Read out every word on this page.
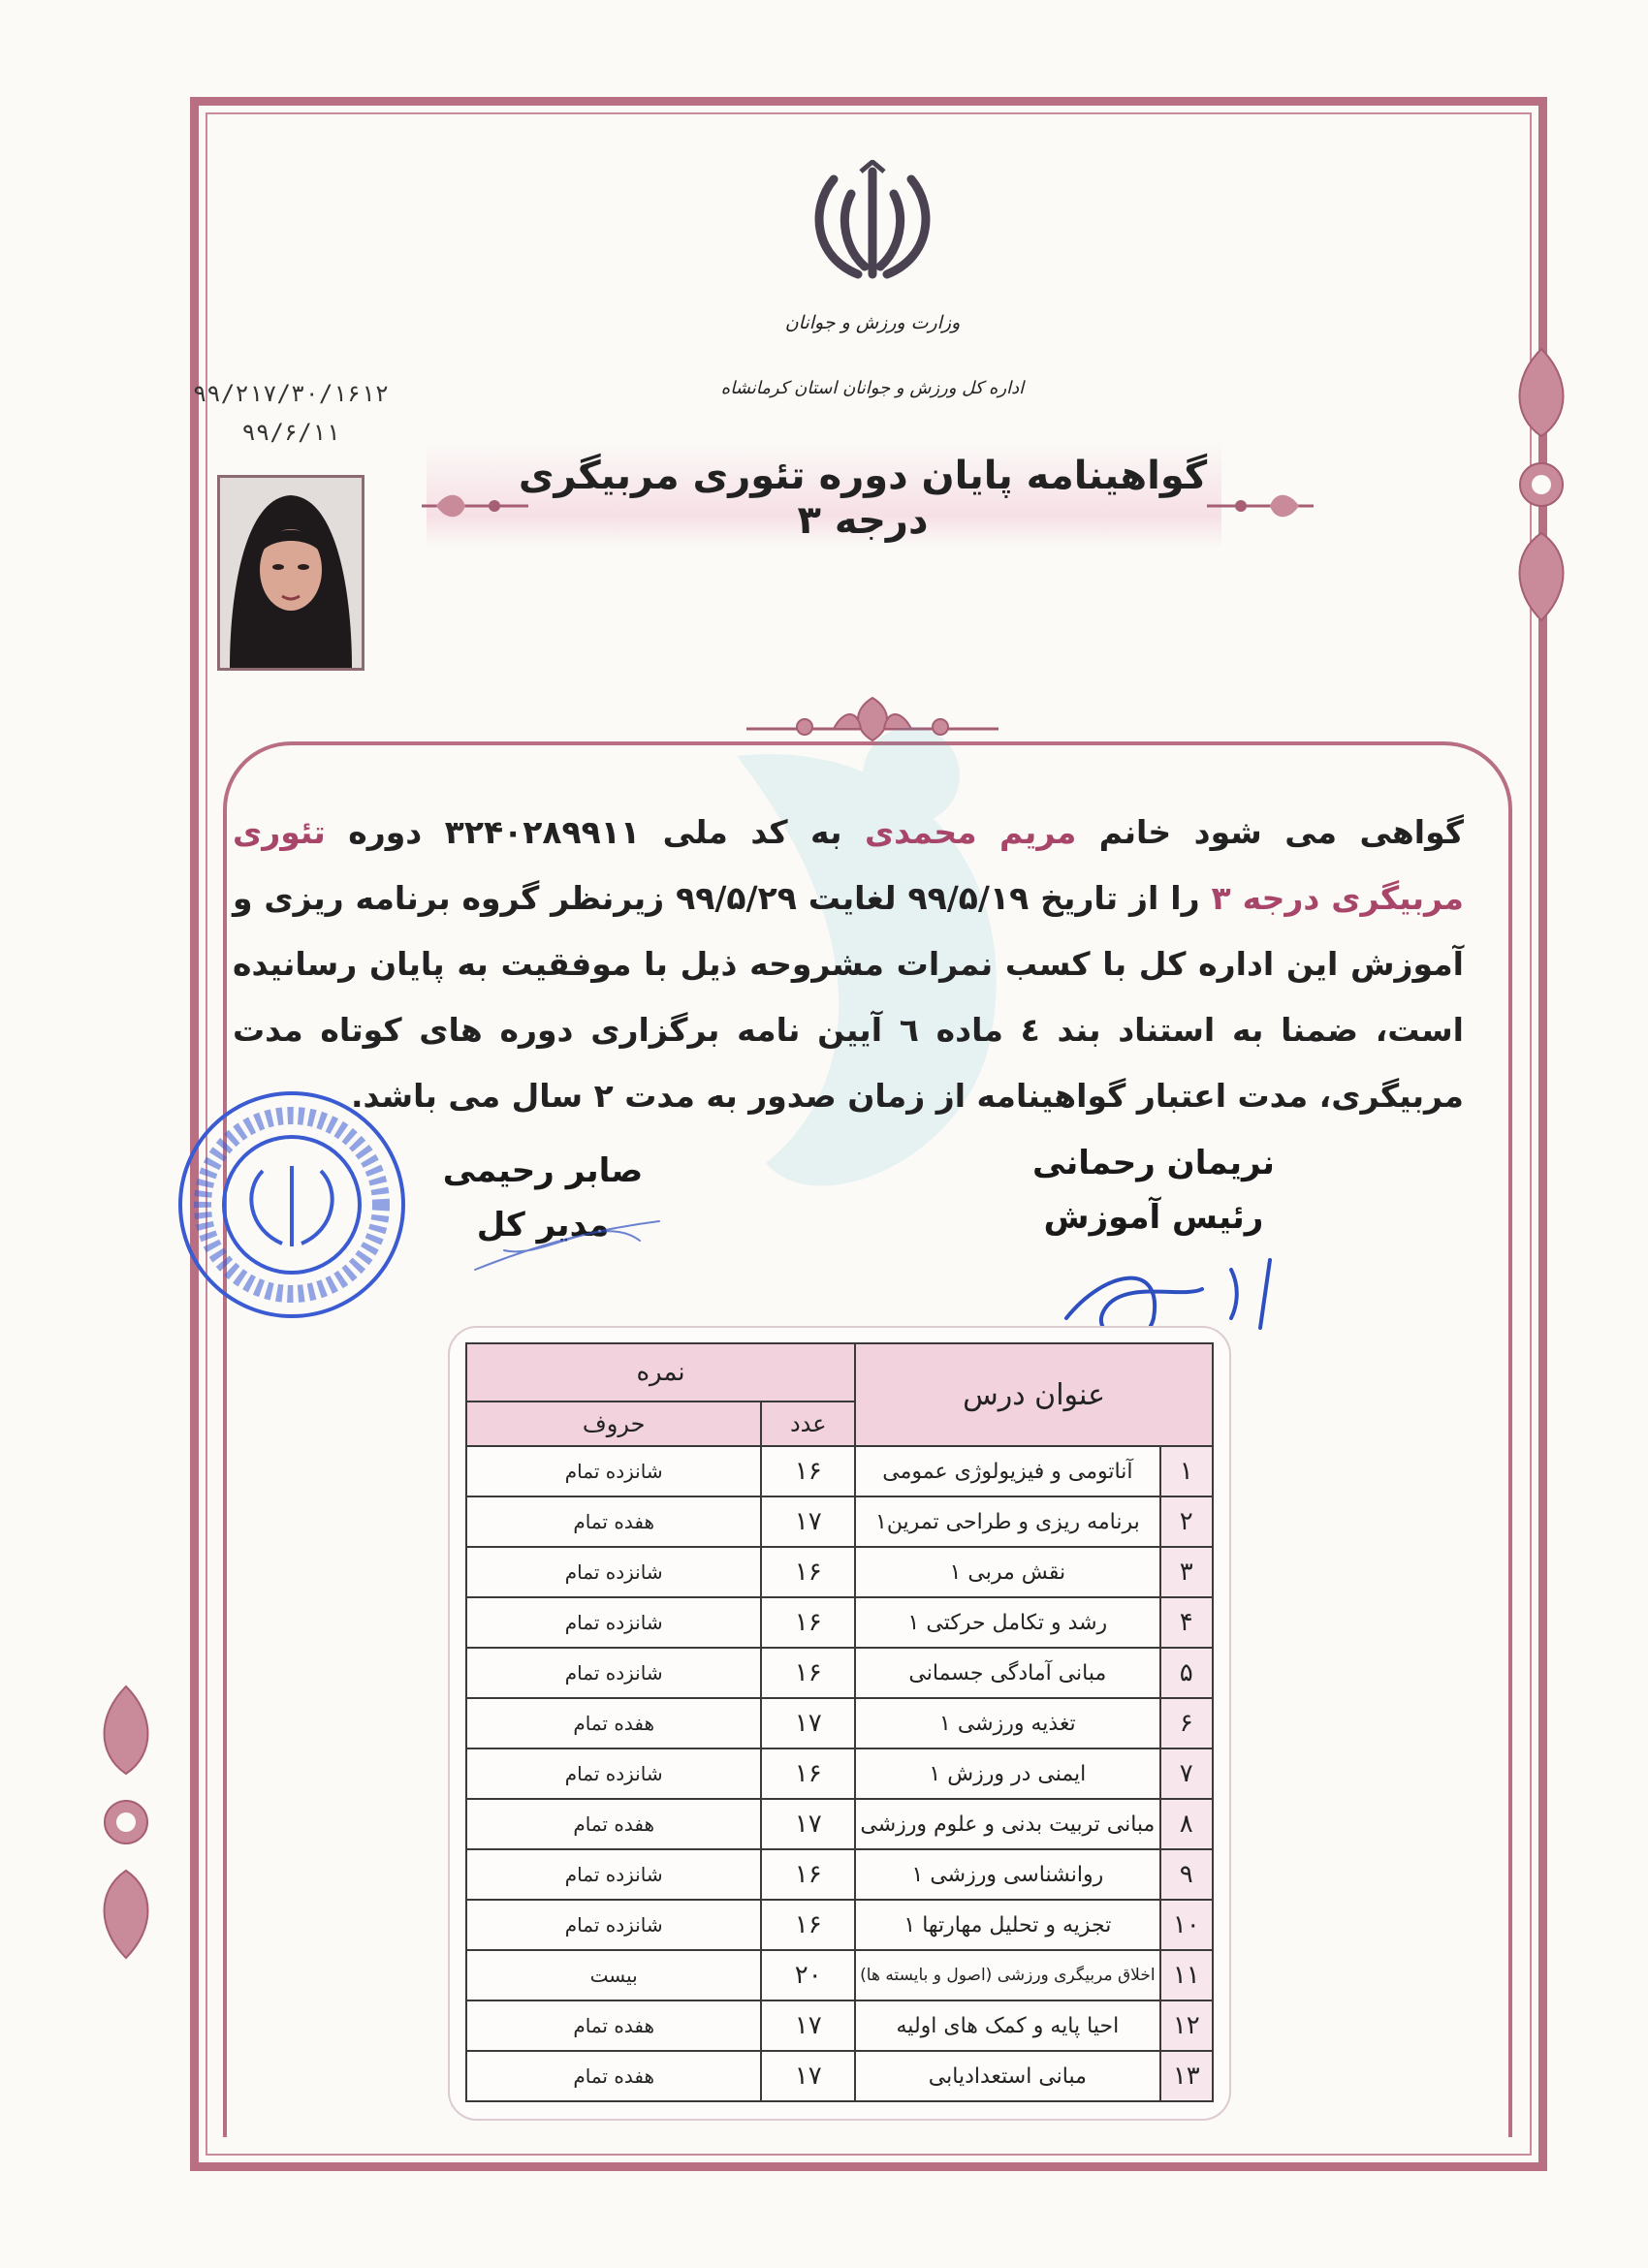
وزارت ورزش و جوانان
اداره کل ورزش و جوانان استان کرمانشاه
۹۹/۲۱۷/۳۰/۱۶۱۲
۹۹/۶/۱۱
گواهینامه پایان دوره تئوری مربیگری درجه ۳
گواهی می شود خانم مریم محمدی به کد ملی ۳۲۴۰۲۸۹۹۱۱ دوره تئوری مربیگری درجه ۳ را از تاریخ ۹۹/۵/۱۹ لغایت ۹۹/۵/۲۹ زیرنظر گروه برنامه ریزی و آموزش این اداره کل با کسب نمرات مشروحه ذیل با موفقیت به پایان رسانیده است، ضمنا به استناد بند ٤ ماده ٦ آیین نامه برگزاری دوره های کوتاه مدت مربیگری، مدت اعتبار گواهینامه از زمان صدور به مدت ۲ سال می باشد.
نریمان رحمانی
رئیس آموزش
صابر رحیمی
مدیر کل
عنوان درس		نمره	
		عدد	حروف
۱	آناتومی و فیزیولوژی عمومی	۱۶	شانزده تمام
۲	برنامه ریزی و طراحی تمرین۱	۱۷	هفده تمام
۳	نقش مربی ۱	۱۶	شانزده تمام
۴	رشد و تکامل حرکتی ۱	۱۶	شانزده تمام
۵	مبانی آمادگی جسمانی	۱۶	شانزده تمام
۶	تغذیه ورزشی ۱	۱۷	هفده تمام
۷	ایمنی در ورزش ۱	۱۶	شانزده تمام
۸	مبانی تربیت بدنی و علوم ورزشی	۱۷	هفده تمام
۹	روانشناسی ورزشی ۱	۱۶	شانزده تمام
۱۰	تجزیه و تحلیل مهارتها ۱	۱۶	شانزده تمام
۱۱	اخلاق مربیگری ورزشی (اصول و بایسته ها)	۲۰	بیست
۱۲	احیا پایه و کمک های اولیه	۱۷	هفده تمام
۱۳	مبانی استعدادیابی	۱۷	هفده تمام
